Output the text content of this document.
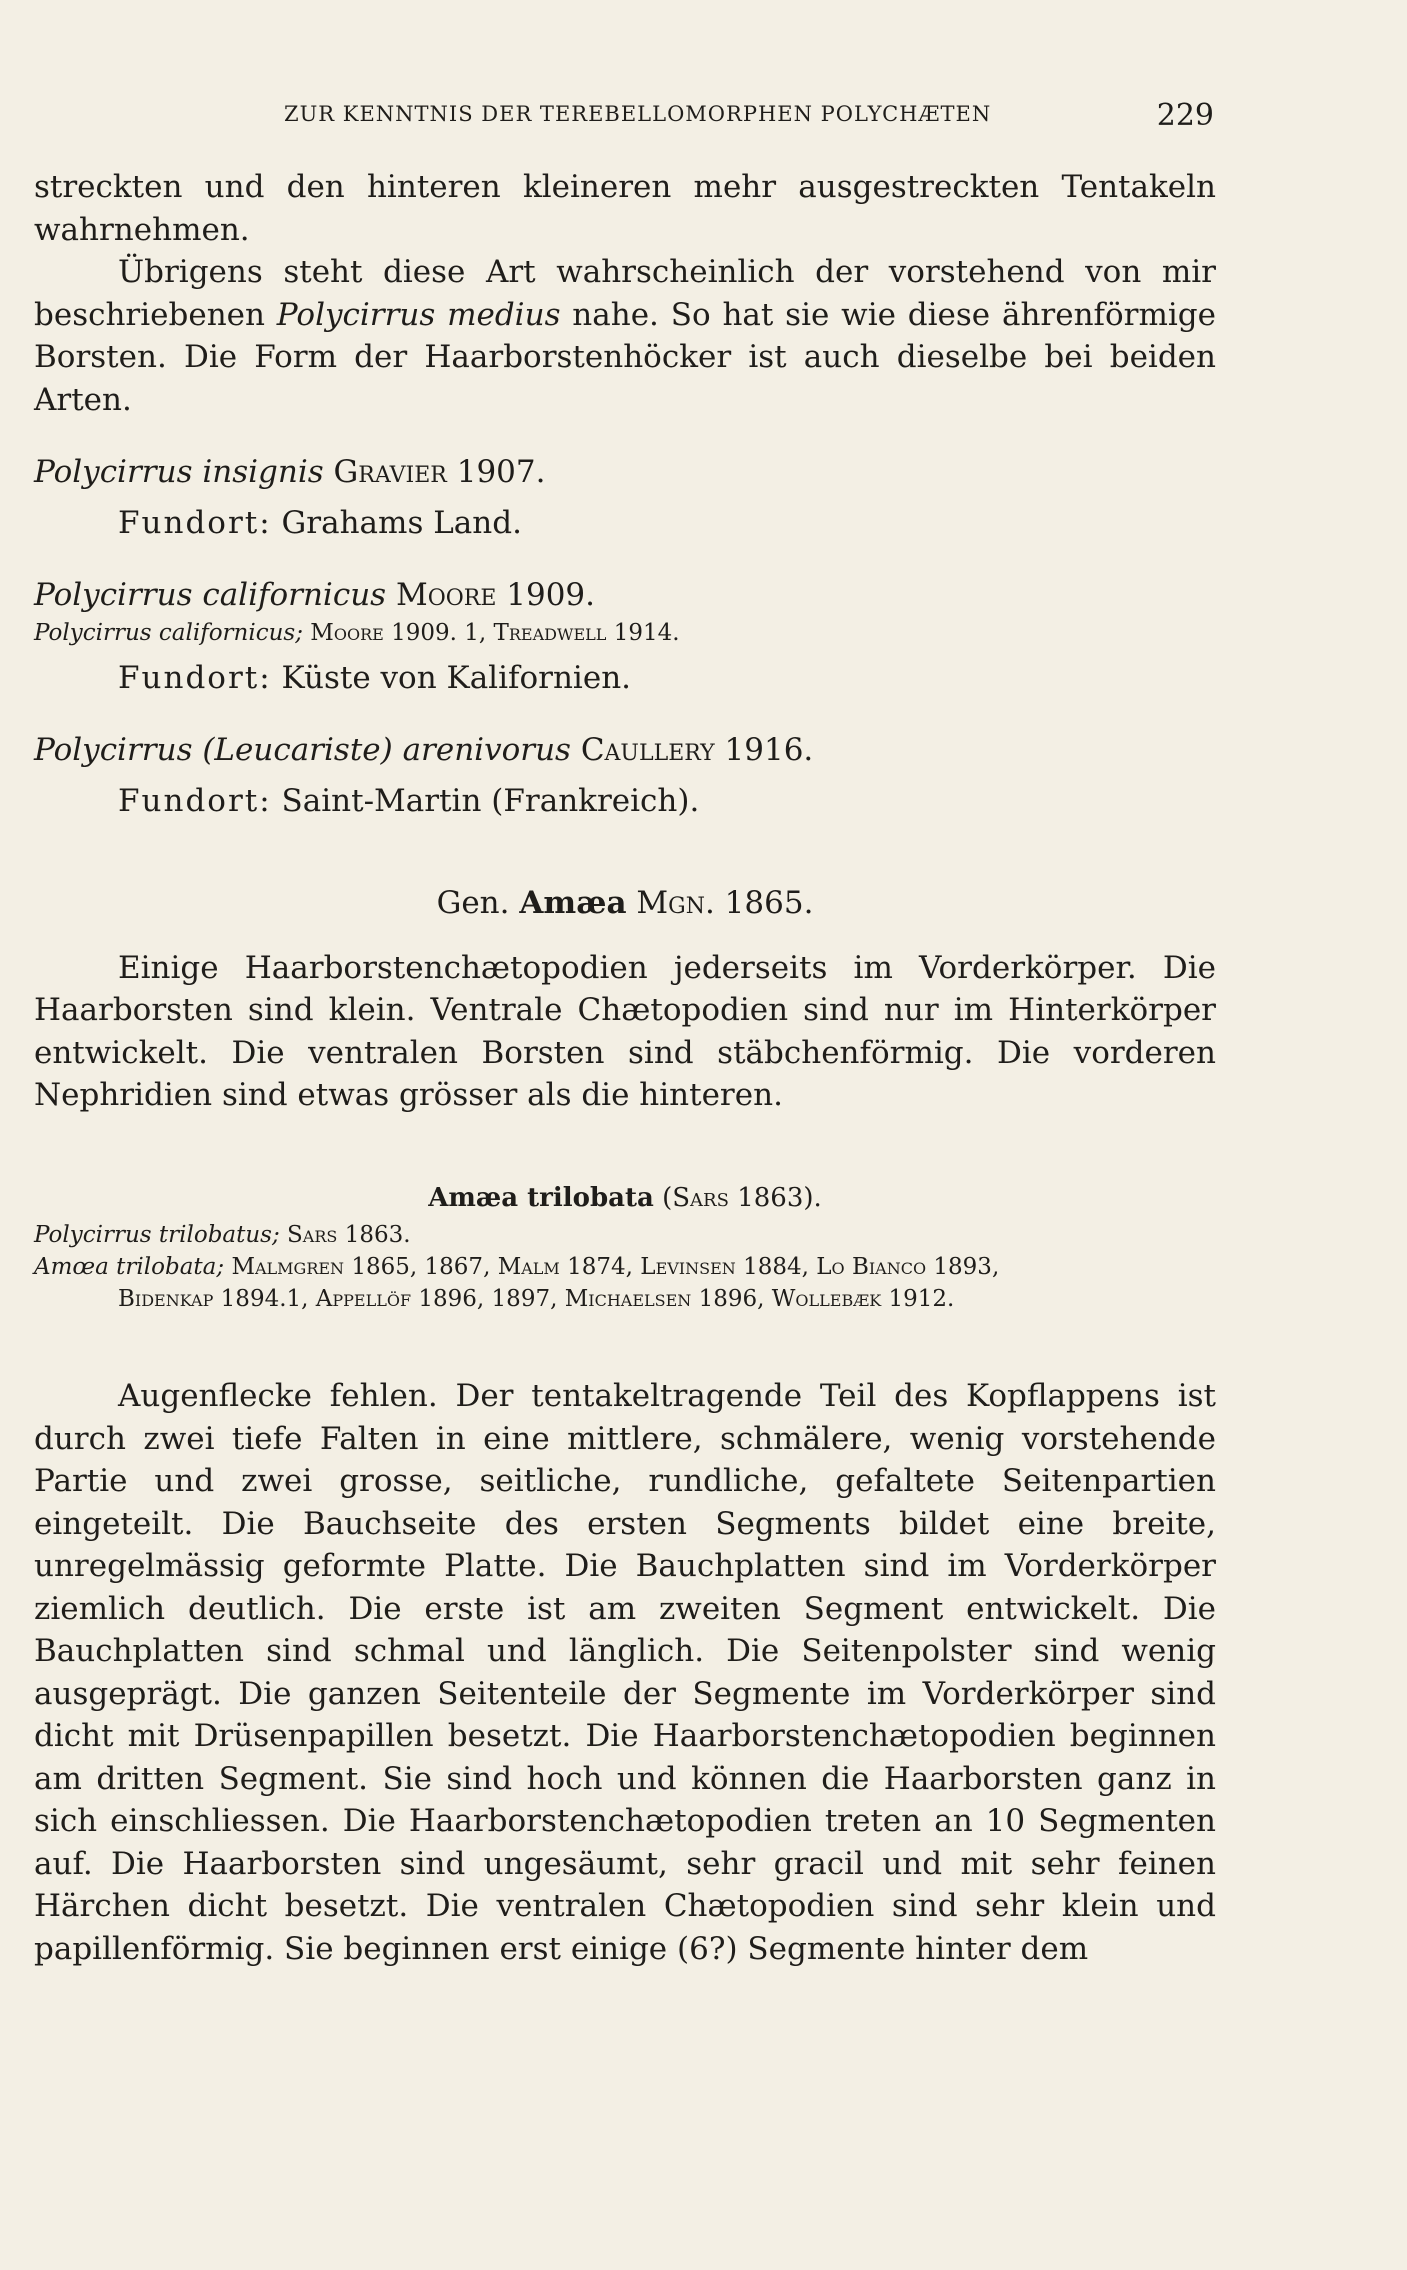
ZUR KENNTNIS DER TEREBELLOMORPHEN POLYCHÆTEN	229

streckten und den hinteren kleineren mehr ausgestreckten Tentakeln wahrnehmen.

Übrigens steht diese Art wahrscheinlich der vorstehend von mir beschriebenen Polycirrus medius nahe. So hat sie wie diese ährenförmige Borsten. Die Form der Haarborstenhöcker ist auch dieselbe bei beiden Arten.

Polycirrus insignis Gravier 1907.

Fundort: Grahams Land.

Polycirrus californicus Moore 1909.

Polycirrus californicus; Moore 1909. 1, Treadwell 1914.

Fundort: Küste von Kalifornien.

Polycirrus (Leucariste) arenivorus Caullery 1916.

Fundort: Saint-Martin (Frankreich).

Gen. Amæa Mgn. 1865.

Einige Haarborstenchætopodien jederseits im Vorderkörper. Die Haarborsten sind klein. Ventrale Chætopodien sind nur im Hinterkörper entwickelt. Die ventralen Borsten sind stäbchenförmig. Die vorderen Nephridien sind etwas grösser als die hinteren.

Amæa trilobata (Sars 1863).

Polycirrus trilobatus; Sars 1863.

Amœa trilobata; Malmgren 1865, 1867, Malm 1874, Levinsen 1884, Lo Bianco 1893,

Bidenkap 1894.1, Appellöf 1896, 1897, Michaelsen 1896, Wollebæk 1912.

Augenflecke fehlen. Der tentakeltragende Teil des Kopflappens ist durch zwei tiefe Falten in eine mittlere, schmälere, wenig vorstehende Partie und zwei grosse, seitliche, rundliche, gefaltete Seitenpartien eingeteilt. Die Bauchseite des ersten Segments bildet eine breite, unregelmässig geformte Platte. Die Bauchplatten sind im Vorderkörper ziemlich deutlich. Die erste ist am zweiten Segment entwickelt. Die Bauchplatten sind schmal und länglich. Die Seitenpolster sind wenig ausgeprägt. Die ganzen Seitenteile der Segmente im Vorderkörper sind dicht mit Drüsenpapillen besetzt. Die Haarborstenchætopodien beginnen am dritten Segment. Sie sind hoch und können die Haarborsten ganz in sich einschliessen. Die Haarborstenchætopodien treten an 10 Segmenten auf. Die Haarborsten sind ungesäumt, sehr gracil und mit sehr feinen Härchen dicht besetzt. Die ventralen Chætopodien sind sehr klein und papillenförmig. Sie beginnen erst einige (6?) Segmente hinter dem
